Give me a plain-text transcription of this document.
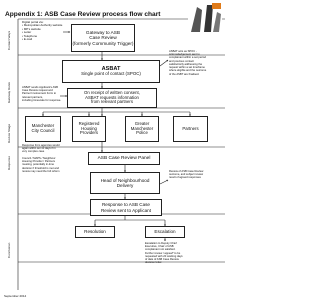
Appendix 1: ASB Case Review process flow chart
Contact Ways
Gateway Rules
Review Stage
Response
Conclusion
Digital portal via:
• Metropolitan Authority website
• MP's website
• Letter
• Telephone
• E-mail
Gateway to ASB
Case Review
(formerly Community Trigger)
ASBAT acts as SPOC -
Acknowledgement sent to
complainant within a set period
and previous contact
satisfactorily addressing the
request within a set timeframe
where eligible and the outcome
of the ASBT are finalised.
ASBAT
Single point of contact (SPOC)
ASBAT sends Applicant's ASB
Case Review request and
Partner Involvement Form to
relevant partners,
including timescale for response.
On receipt of written consent,
ASBAT requests information
from relevant partners
Manchester
City Council
Registered
Housing
Providers
Greater
Manchester
Police
Partners
Response from agencies would
again within set 10 days if in
very complex case
Council / MAPS / Neighbour
Housing Provider / Partners
meeting, potentially in-time
decision if threshold is met and
review may need the full reform
ASB Case Review Panel
Head of Neighbourhood
Delivery
Review of ASB Case Review
outcome, and subject review
result of agreed responses
Response to ASB Case
Review sent to Applicant
Resolution	Escalation
Escalation to Deputy Chief
Executive, Chair of ASB
complainant not satisfied.
Further review / appeal* to be
requested with 20 working days
of date of ASB Case Review
decision letter.
September 2014
